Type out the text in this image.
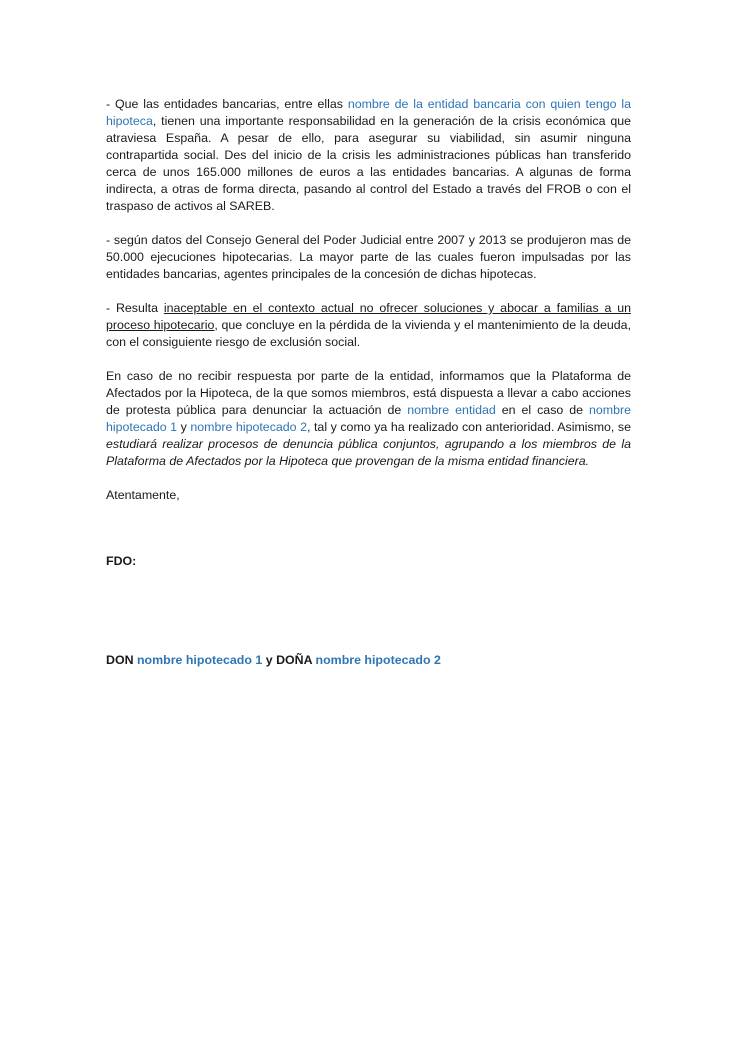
- Que las entidades bancarias, entre ellas nombre de la entidad bancaria con quien tengo la hipoteca, tienen una importante responsabilidad en la generación de la crisis económica que atraviesa España. A pesar de ello, para asegurar su viabilidad, sin asumir ninguna contrapartida social. Des del inicio de la crisis les administraciones públicas han transferido cerca de unos 165.000 millones de euros a las entidades bancarias. A algunas de forma indirecta, a otras de forma directa, pasando al control del Estado a través del FROB o con el traspaso de activos al SAREB.

- según datos del Consejo General del Poder Judicial entre 2007 y 2013 se produjeron mas de 50.000 ejecuciones hipotecarias. La mayor parte de las cuales fueron impulsadas por las entidades bancarias, agentes principales de la concesión de dichas hipotecas.

- Resulta inaceptable en el contexto actual no ofrecer soluciones y abocar a familias a un proceso hipotecario, que concluye en la pérdida de la vivienda y el mantenimiento de la deuda, con el consiguiente riesgo de exclusión social.

En caso de no recibir respuesta por parte de la entidad, informamos que la Plataforma de Afectados por la Hipoteca, de la que somos miembros, está dispuesta a llevar a cabo acciones de protesta pública para denunciar la actuación de nombre entidad en el caso de nombre hipotecado 1 y nombre hipotecado 2, tal y como ya ha realizado con anterioridad. Asimismo, se estudiará realizar procesos de denuncia pública conjuntos, agrupando a los miembros de la Plataforma de Afectados por la Hipoteca que provengan de la misma entidad financiera.

Atentamente,

FDO:

DON nombre hipotecado 1 y DOÑA nombre hipotecado 2
